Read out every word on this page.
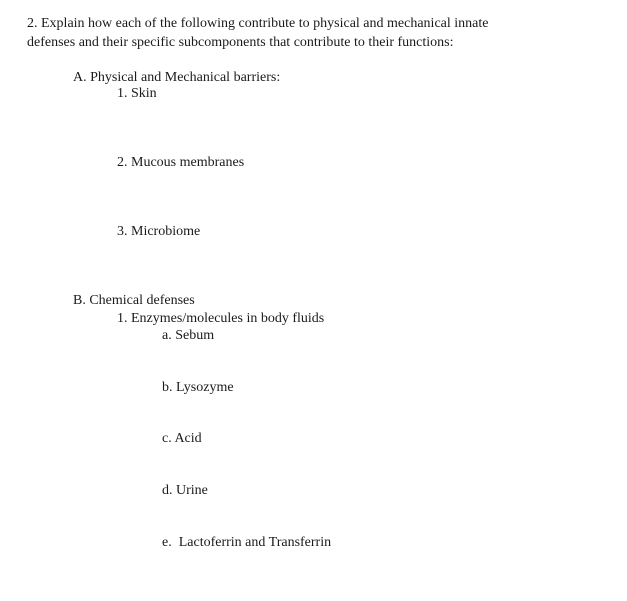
2. Explain how each of the following contribute to physical and mechanical innate
defenses and their specific subcomponents that contribute to their functions:
A. Physical and Mechanical barriers:
1. Skin
2. Mucous membranes
3. Microbiome
B. Chemical defenses
1. Enzymes/molecules in body fluids
a. Sebum
b. Lysozyme
c. Acid
d. Urine
e.  Lactoferrin and Transferrin
